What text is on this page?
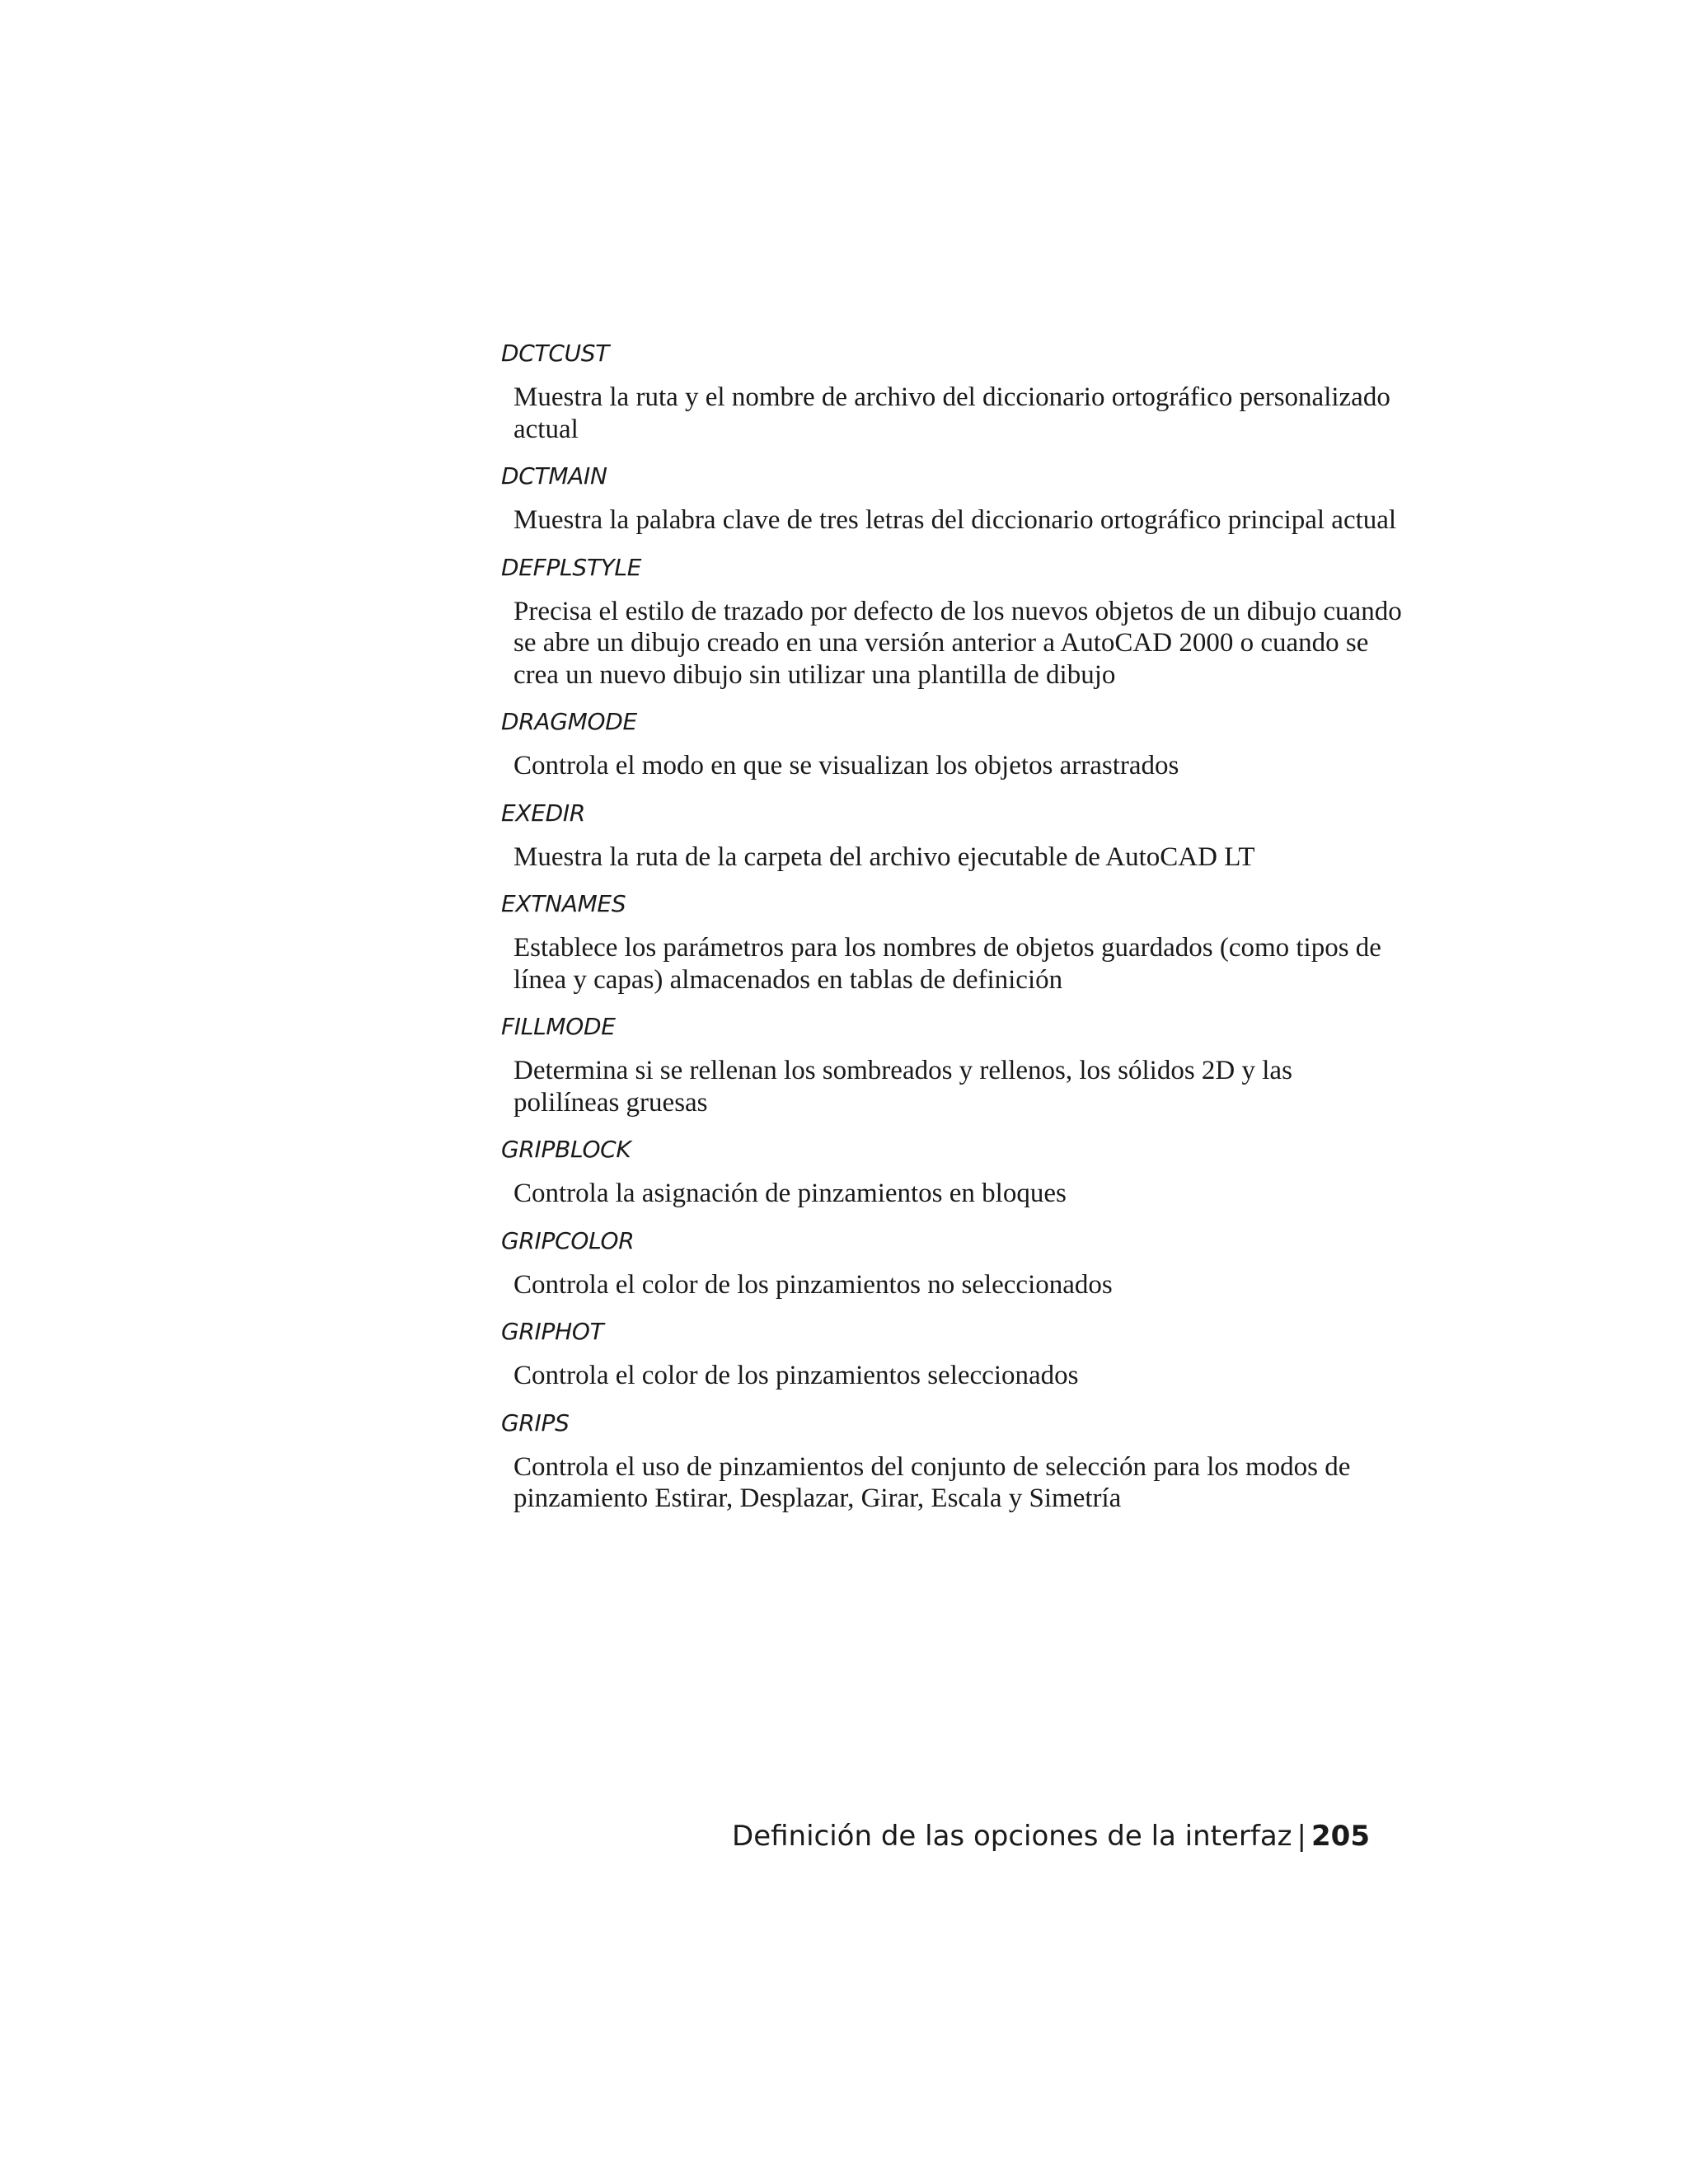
DCTCUST
Muestra la ruta y el nombre de archivo del diccionario ortográfico personalizado actual
DCTMAIN
Muestra la palabra clave de tres letras del diccionario ortográfico principal actual
DEFPLSTYLE
Precisa el estilo de trazado por defecto de los nuevos objetos de un dibujo cuando se abre un dibujo creado en una versión anterior a AutoCAD 2000 o cuando se crea un nuevo dibujo sin utilizar una plantilla de dibujo
DRAGMODE
Controla el modo en que se visualizan los objetos arrastrados
EXEDIR
Muestra la ruta de la carpeta del archivo ejecutable de AutoCAD LT
EXTNAMES
Establece los parámetros para los nombres de objetos guardados (como tipos de línea y capas) almacenados en tablas de definición
FILLMODE
Determina si se rellenan los sombreados y rellenos, los sólidos 2D y las polilíneas gruesas
GRIPBLOCK
Controla la asignación de pinzamientos en bloques
GRIPCOLOR
Controla el color de los pinzamientos no seleccionados
GRIPHOT
Controla el color de los pinzamientos seleccionados
GRIPS
Controla el uso de pinzamientos del conjunto de selección para los modos de pinzamiento Estirar, Desplazar, Girar, Escala y Simetría
Definición de las opciones de la interfaz | 205
